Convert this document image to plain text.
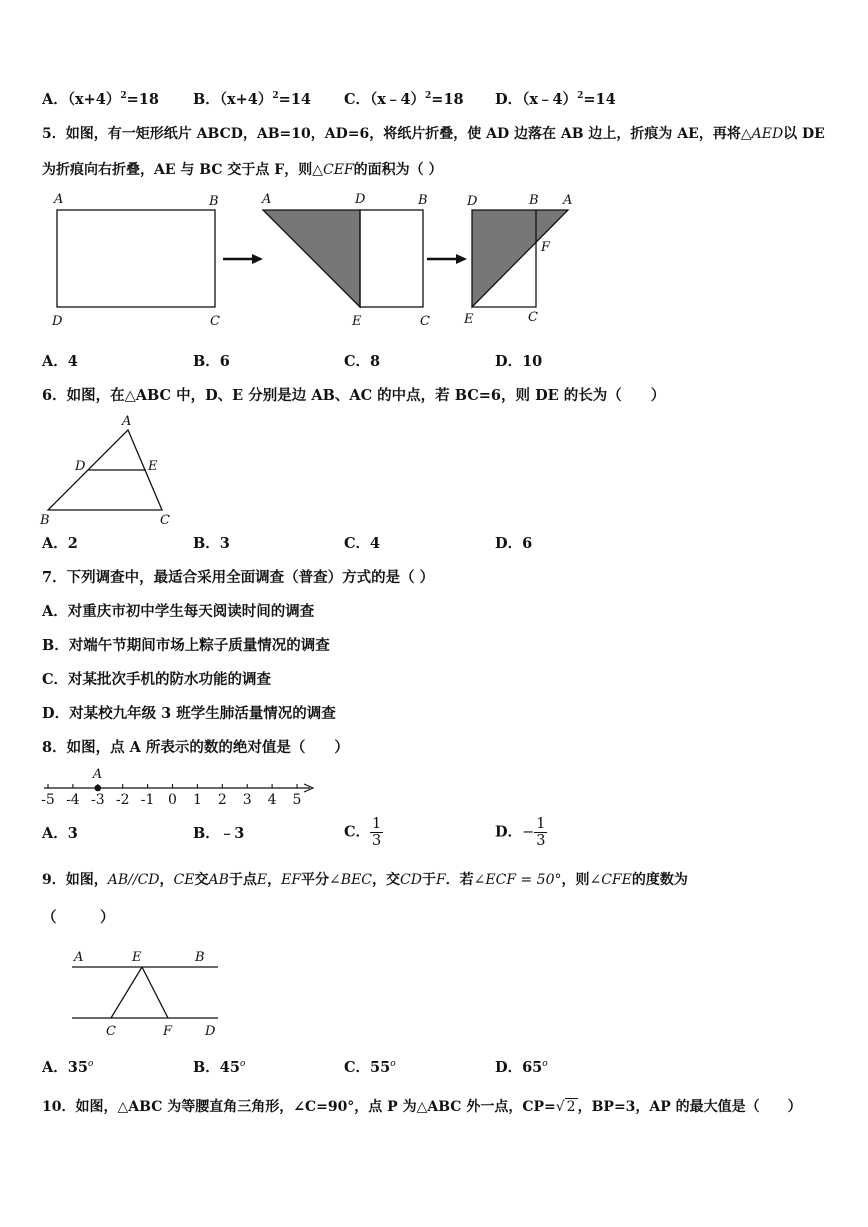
A．$(x+4)^2=18$ B．$(x+4)^2=14$ C．（x﹣4）$^2$=18 D．（x﹣4）$^2$=14
5．如图，有一矩形纸片 ABCD，AB=10，AD=6，将纸片折叠，使 AD 边落在 AB 边上，折痕为 AE，再将△AED以 DE
为折痕向右折叠，AE 与 BC 交于点 F，则△CEF的面积为（ ）
A	B
D	C
A	D	B
E	C
D	B A
F
E	C
A．4	B．6	C．8	D．10
6．如图，在△ABC 中，D、E 分别是边 AB、AC 的中点，若 BC=6，则 DE 的长为（　　）
A
D	E
B	C
A．2	B．3	C．4	D．6
7．下列调查中，最适合采用全面调查（普查）方式的是（ ）
A．对重庆市初中学生每天阅读时间的调查
B．对端午节期间市场上粽子质量情况的调查
C．对某批次手机的防水功能的调查
D．对某校九年级 3 班学生肺活量情况的调查
8．如图，点 A 所表示的数的绝对值是（　　）
-5 -4 -3 -2 -1 0 1 2 3 4 5
A
A．3	B．﹣3	C． $\frac{1}{3}$	D．− $\frac{1}{3}$
9．如图，AB//CD，CE交AB于点E，EF平分∠BEC，交CD于F．若∠ECF = 50°，则∠CFE的度数为
（　　　）
A	E	B
C	F	D
A．35$^o$	B．45$^o$	C．55$^o$	D．65$^o$
10．如图，△ABC 为等腰直角三角形，∠C=90°，点 P 为△ABC 外一点，CP=√ 2 ，BP=3，AP 的最大值是（　　）
